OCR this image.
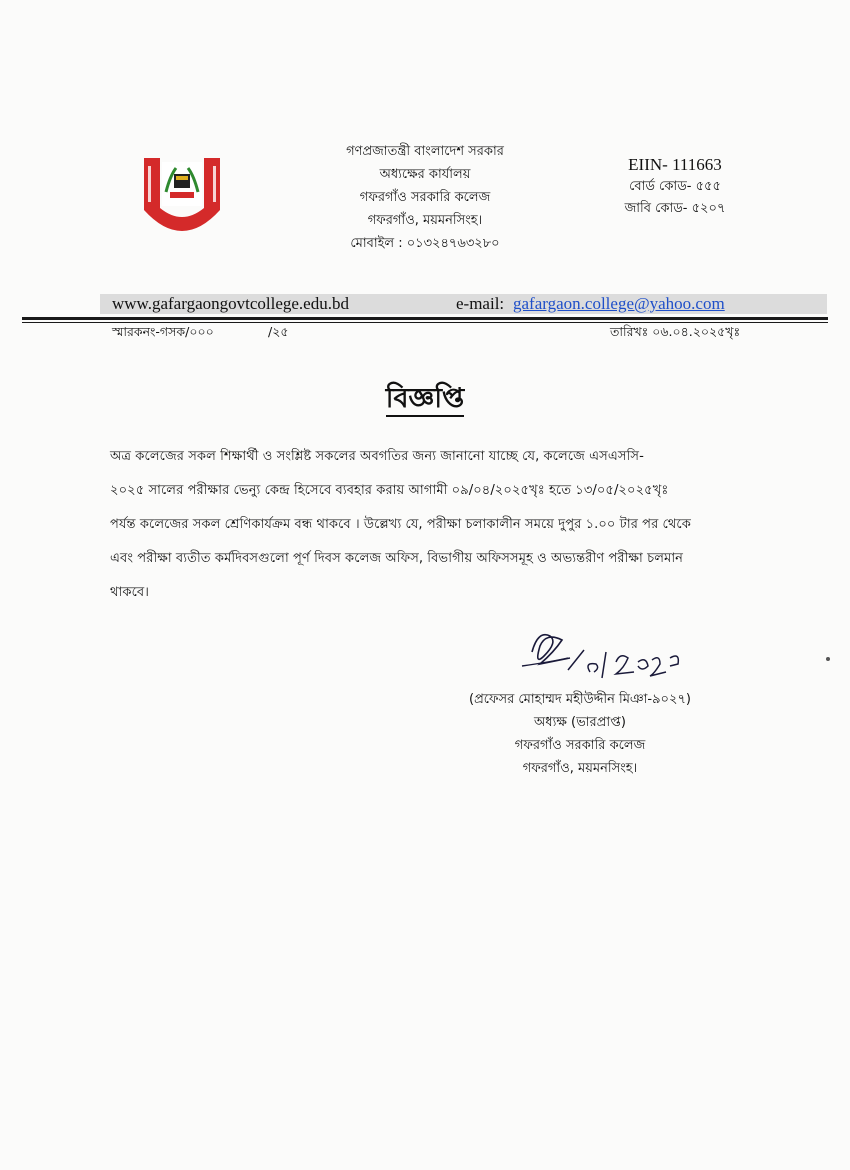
গণপ্রজাতন্ত্রী বাংলাদেশ সরকার
অধ্যক্ষের কার্যালয়
গফরগাঁও সরকারি কলেজ
গফরগাঁও, ময়মনসিংহ।
মোবাইল : ০১৩২৪৭৬৩২৮০
EIIN- 111663
বোর্ড কোড- ৫৫৫
জাবি কোড- ৫২০৭
www.gafargaongovtcollege.edu.bd	e-mail: gafargaon.college@yahoo.com
স্মারকনং-গসক/০০০	/২৫	তারিখঃ ০৬.০৪.২০২৫খৃঃ
বিজ্ঞপ্তি
অত্র কলেজের সকল শিক্ষার্থী ও সংশ্লিষ্ট সকলের অবগতির জন্য জানানো যাচ্ছে যে, কলেজে এসএসসি-
২০২৫ সালের পরীক্ষার ভেন্যু কেন্দ্র হিসেবে ব্যবহার করায় আগামী ০৯/০৪/২০২৫খৃঃ হতে ১৩/০৫/২০২৫খৃঃ
পর্যন্ত কলেজের সকল শ্রেণিকার্যক্রম বন্ধ থাকবে । উল্লেখ্য যে, পরীক্ষা চলাকালীন সময়ে দুপুর ১.০০ টার পর থেকে
এবং পরীক্ষা ব্যতীত কর্মদিবসগুলো পূর্ণ দিবস কলেজ অফিস, বিভাগীয় অফিসসমূহ ও অভ্যন্তরীণ পরীক্ষা চলমান
থাকবে।
(প্রফেসর মোহাম্মদ মহীউদ্দীন মিঞা-৯০২৭)
অধ্যক্ষ (ভারপ্রাপ্ত)
গফরগাঁও সরকারি কলেজ
গফরগাঁও, ময়মনসিংহ।
